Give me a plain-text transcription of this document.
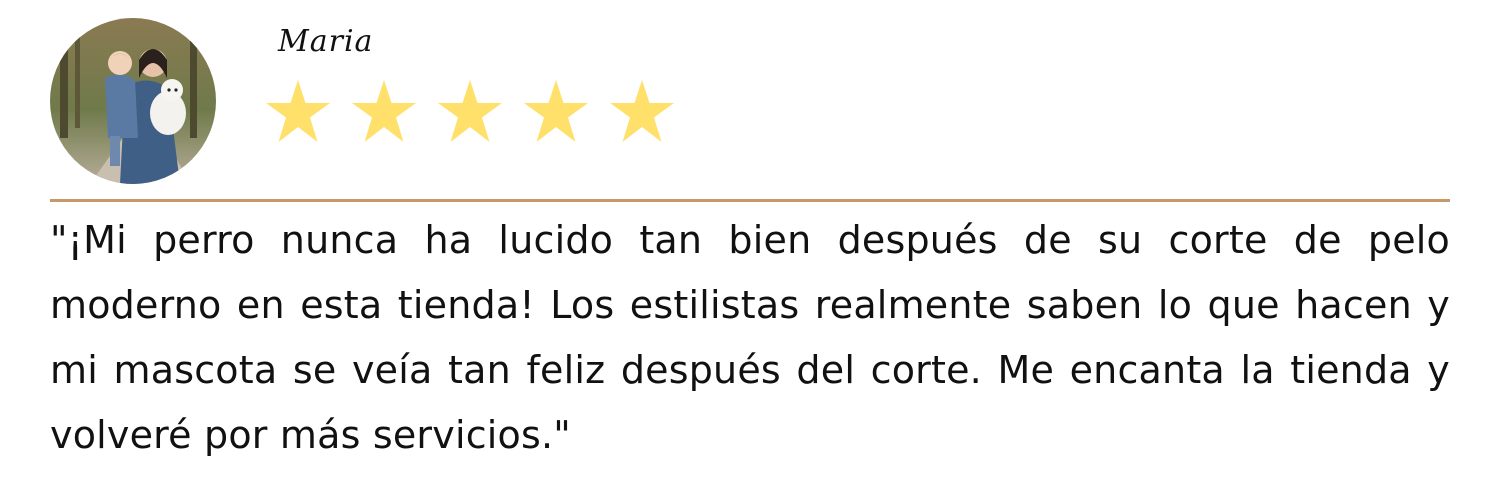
Maria

"¡Mi perro nunca ha lucido tan bien después de su corte de pelo moderno en esta tienda! Los estilistas realmente saben lo que hacen y mi mascota se veía tan feliz después del corte. Me encanta la tienda y volveré por más servicios."
